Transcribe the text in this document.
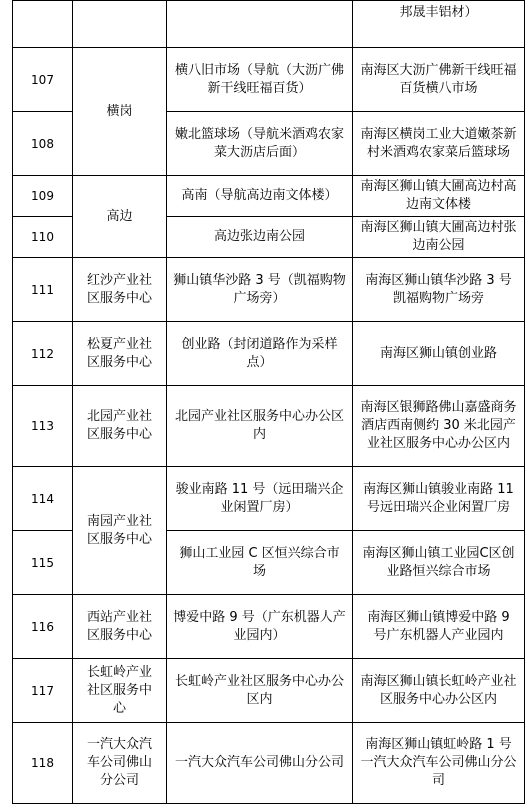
			邦晟丰铝材）
107	横岗	横八旧市场（导航（大沥广佛新干线旺福百货）	南海区大沥广佛新干线旺福百货横八市场
108		嫩北篮球场（导航米酒鸡农家菜大沥店后面）	南海区横岗工业大道嫩茶新村米酒鸡农家菜后篮球场
109	高边	高南（导航高边南文体楼）	南海区狮山镇大圃高边村高边南文体楼
110		高边张边南公园	南海区狮山镇大圃高边村张边南公园
111	红沙产业社区服务中心	狮山镇华沙路 3 号（凯福购物广场旁）	南海区狮山镇华沙路 3 号凯福购物广场旁
112	松夏产业社区服务中心	创业路（封闭道路作为采样点）	南海区狮山镇创业路
113	北园产业社区服务中心	北园产业社区服务中心办公区内	南海区银狮路佛山嘉盛商务酒店西南侧约 30 米北园产业社区服务中心办公区内
114	南园产业社区服务中心	骏业南路 11 号（远田瑞兴企业闲置厂房）	南海区狮山镇骏业南路 11 号远田瑞兴企业闲置厂房
115		狮山工业园 C 区恒兴综合市场	南海区狮山镇工业园C区创业路恒兴综合市场
116	西站产业社区服务中心	博爱中路 9 号（广东机器人产业园内）	南海区狮山镇博爱中路 9 号广东机器人产业园内
117	长虹岭产业社区服务中心	长虹岭产业社区服务中心办公区内	南海区狮山镇长虹岭产业社区服务中心办公区内
118	一汽大众汽车公司佛山分公司	一汽大众汽车公司佛山分公司	南海区狮山镇虹岭路 1 号一汽大众汽车公司佛山分公司
